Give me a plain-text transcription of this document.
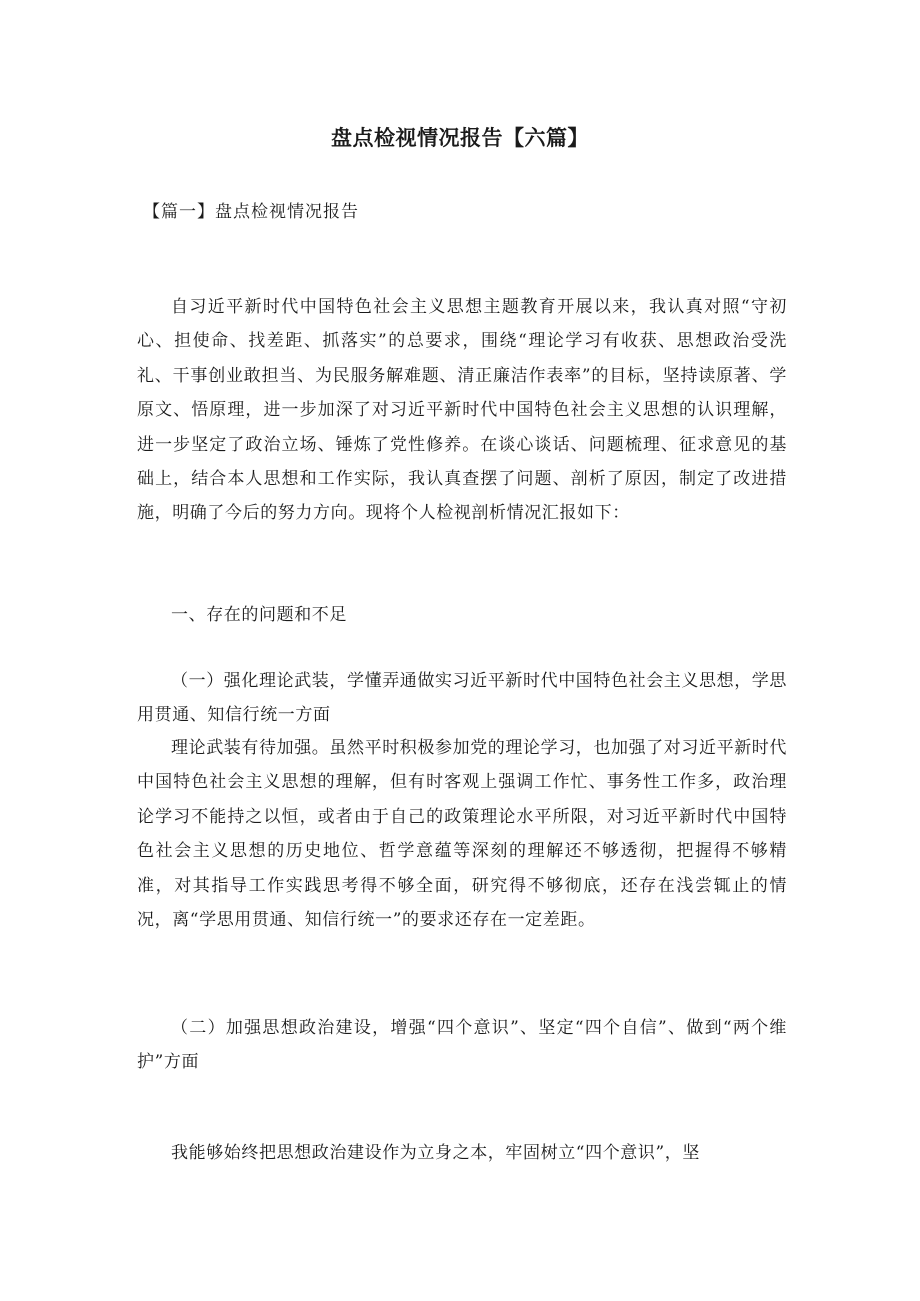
盘点检视情况报告【六篇】
【篇一】盘点检视情况报告

自习近平新时代中国特色社会主义思想主题教育开展以来，我认真对照“守初心、担使命、找差距、抓落实”的总要求，围绕“理论学习有收获、思想政治受洗礼、干事创业敢担当、为民服务解难题、清正廉洁作表率”的目标，坚持读原著、学原文、悟原理，进一步加深了对习近平新时代中国特色社会主义思想的认识理解，进一步坚定了政治立场、锤炼了党性修养。在谈心谈话、问题梳理、征求意见的基础上，结合本人思想和工作实际，我认真查摆了问题、剖析了原因，制定了改进措施，明确了今后的努力方向。现将个人检视剖析情况汇报如下：

一、存在的问题和不足

（一）强化理论武装，学懂弄通做实习近平新时代中国特色社会主义思想，学思用贯通、知信行统一方面

理论武装有待加强。虽然平时积极参加党的理论学习，也加强了对习近平新时代中国特色社会主义思想的理解，但有时客观上强调工作忙、事务性工作多，政治理论学习不能持之以恒，或者由于自己的政策理论水平所限，对习近平新时代中国特色社会主义思想的历史地位、哲学意蕴等深刻的理解还不够透彻，把握得不够精准，对其指导工作实践思考得不够全面，研究得不够彻底，还存在浅尝辄止的情况，离“学思用贯通、知信行统一”的要求还存在一定差距。

（二）加强思想政治建设，增强“四个意识”、坚定“四个自信”、做到“两个维护”方面

我能够始终把思想政治建设作为立身之本，牢固树立“四个意识”，坚
